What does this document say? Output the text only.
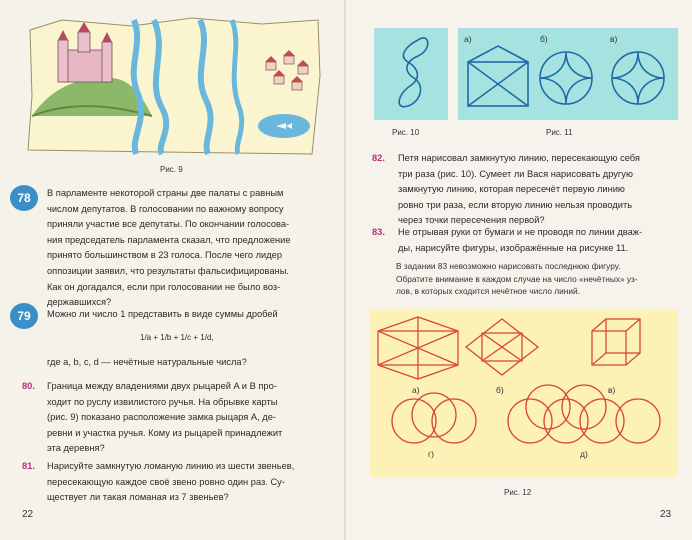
Рис. 9
78	В парламенте некоторой страны две палаты с равным
числом депутатов. В голосовании по важному вопросу
приняли участие все депутаты. По окончании голосова-
ния председатель парламента сказал, что предложение
принято большинством в 23 голоса. После чего лидер
оппозиции заявил, что результаты фальсифицированы.
Как он догадался, если при голосовании не было воз-
державшихся?
79	Можно ли число 1 представить в виде суммы дробей
1/a + 1/b + 1/c + 1/d,
где a, b, c, d — нечётные натуральные числа?
80. Граница между владениями двух рыцарей A и B про-
ходит по руслу извилистого ручья. На обрывке карты
(рис. 9) показано расположение замка рыцаря A, де-
ревни и участка ручья. Кому из рыцарей принадлежит
эта деревня?
81. Нарисуйте замкнутую ломаную линию из шести звеньев,
пересекающую каждое своё звено ровно один раз. Су-
ществует ли такая ломаная из 7 звеньев?
22
Рис. 10
а)	б)	в)
Рис. 11
82. Петя нарисовал замкнутую линию, пересекающую себя
три раза (рис. 10). Сумеет ли Вася нарисовать другую
замкнутую линию, которая пересечёт первую линию
ровно три раза, если вторую линию нельзя проводить
через точки пересечения первой?
83. Не отрывая руки от бумаги и не проводя по линии дваж-
ды, нарисуйте фигуры, изображённые на рисунке 11.
В задании 83 невозможно нарисовать последнюю фигуру.
Обратите внимание в каждом случае на число «нечётных» уз-
лов, в которых сходится нечётное число линий.
а)	б)	в)
г)	д)
Рис. 12
23
